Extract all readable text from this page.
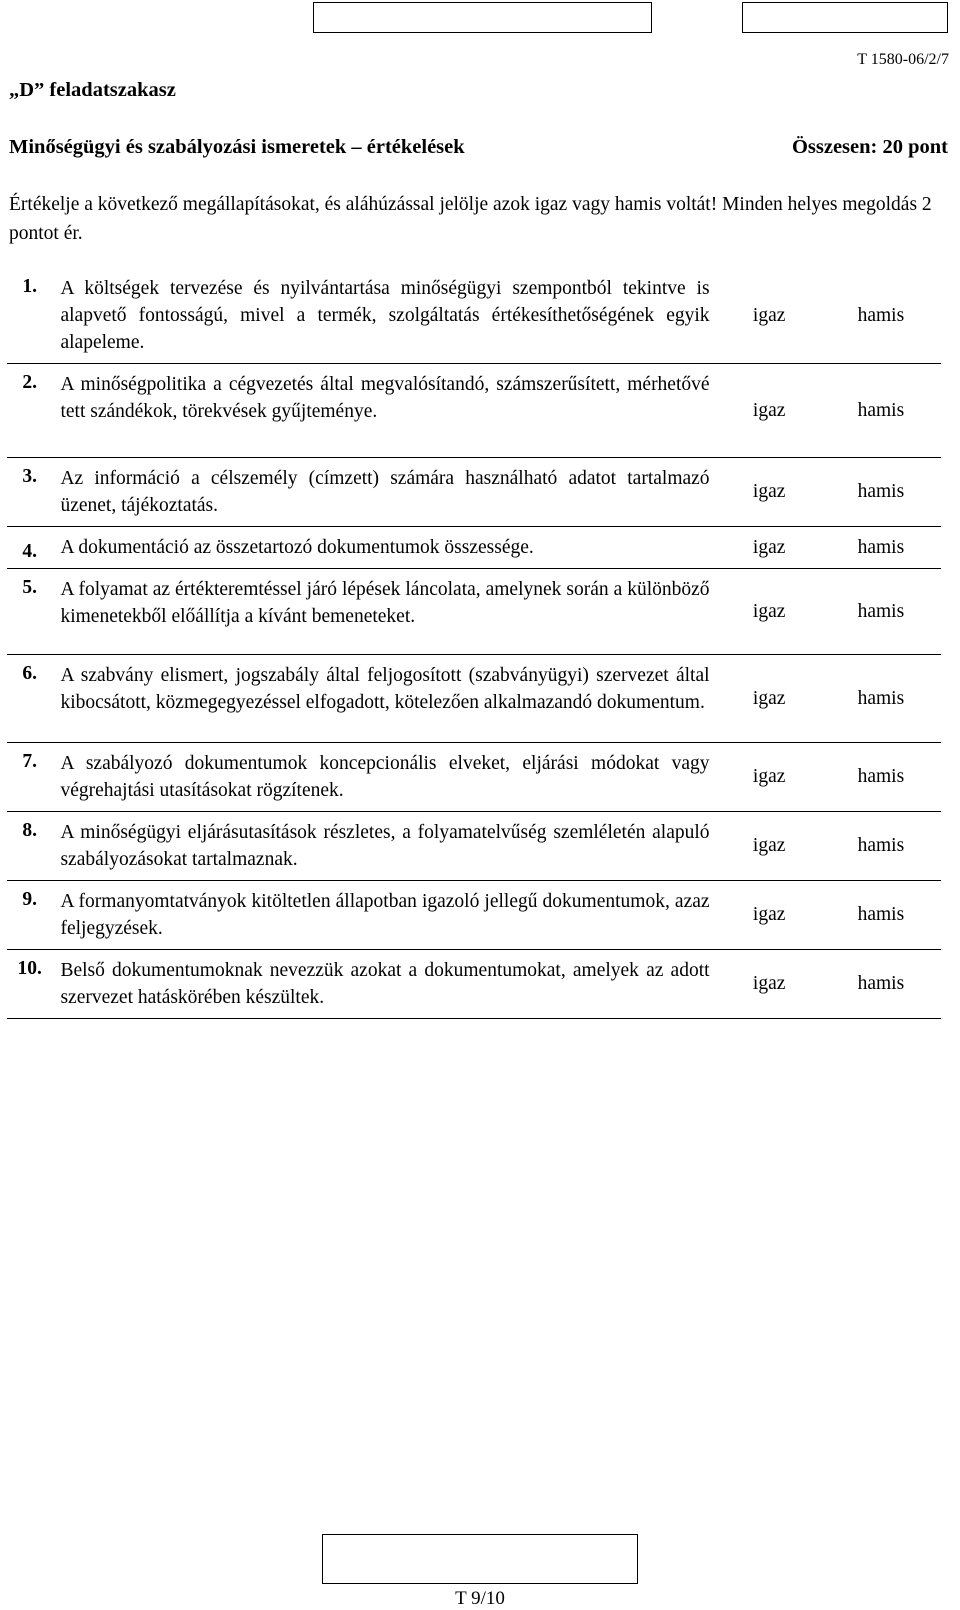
T 1580-06/2/7
„D” feladatszakasz
Minőségügyi és szabályozási ismeretek – értékelések	Összesen: 20 pont
Értékelje a következő megállapításokat, és aláhúzással jelölje azok igaz vagy hamis voltát! Minden helyes megoldás 2 pontot ér.
1.	A költségek tervezése és nyilvántartása minőségügyi szempontból tekintve is alapvető fontosságú, mivel a termék, szolgáltatás értékesíthetőségének egyik alapeleme.	igaz	hamis
2.	A minőségpolitika a cégvezetés által megvalósítandó, számszerűsített, mérhetővé tett szándékok, törekvések gyűjteménye.	igaz	hamis
3.	Az információ a célszemély (címzett) számára használható adatot tartalmazó üzenet, tájékoztatás.	igaz	hamis
4.	A dokumentáció az összetartozó dokumentumok összessége.	igaz	hamis
5.	A folyamat az értékteremtéssel járó lépések láncolata, amelynek során a különböző kimenetekből előállítja a kívánt bemeneteket.	igaz	hamis
6.	A szabvány elismert, jogszabály által feljogosított (szabványügyi) szervezet által kibocsátott, közmegegyezéssel elfogadott, kötelezően alkalmazandó dokumentum.	igaz	hamis
7.	A szabályozó dokumentumok koncepcionális elveket, eljárási módokat vagy végrehajtási utasításokat rögzítenek.	igaz	hamis
8.	A minőségügyi eljárásutasítások részletes, a folyamatelvűség szemléletén alapuló szabályozásokat tartalmaznak.	igaz	hamis
9.	A formanyomtatványok kitöltetlen állapotban igazoló jellegű dokumentumok, azaz feljegyzések.	igaz	hamis
10.	Belső dokumentumoknak nevezzük azokat a dokumentumokat, amelyek az adott szervezet hatáskörében készültek.	igaz	hamis
T 9/10
